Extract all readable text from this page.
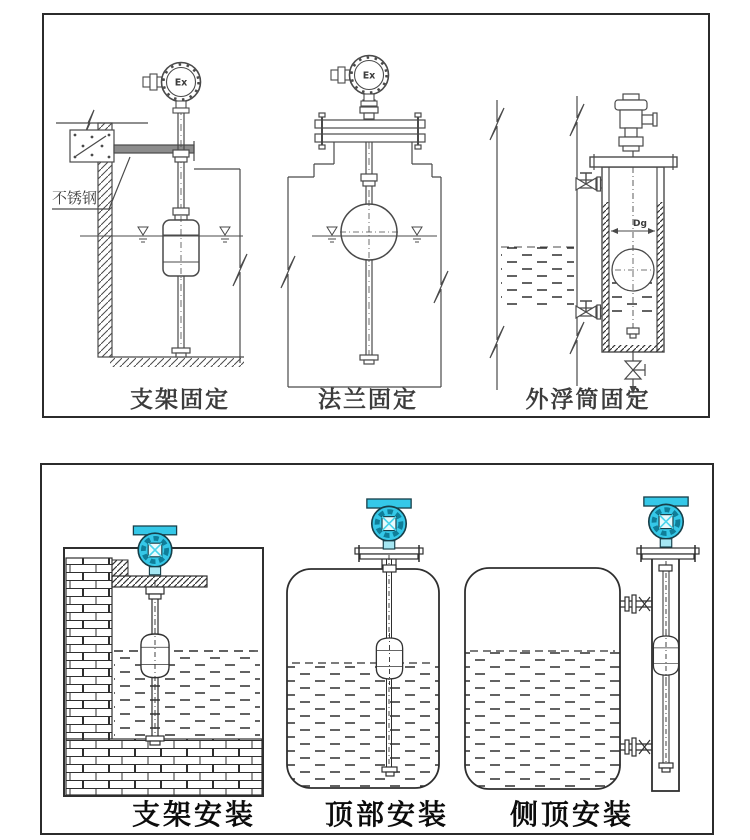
Ex
不锈钢
支架固定
Ex
法兰固定
Dg
外浮筒固定
支架安装	顶部安装	侧顶安装
